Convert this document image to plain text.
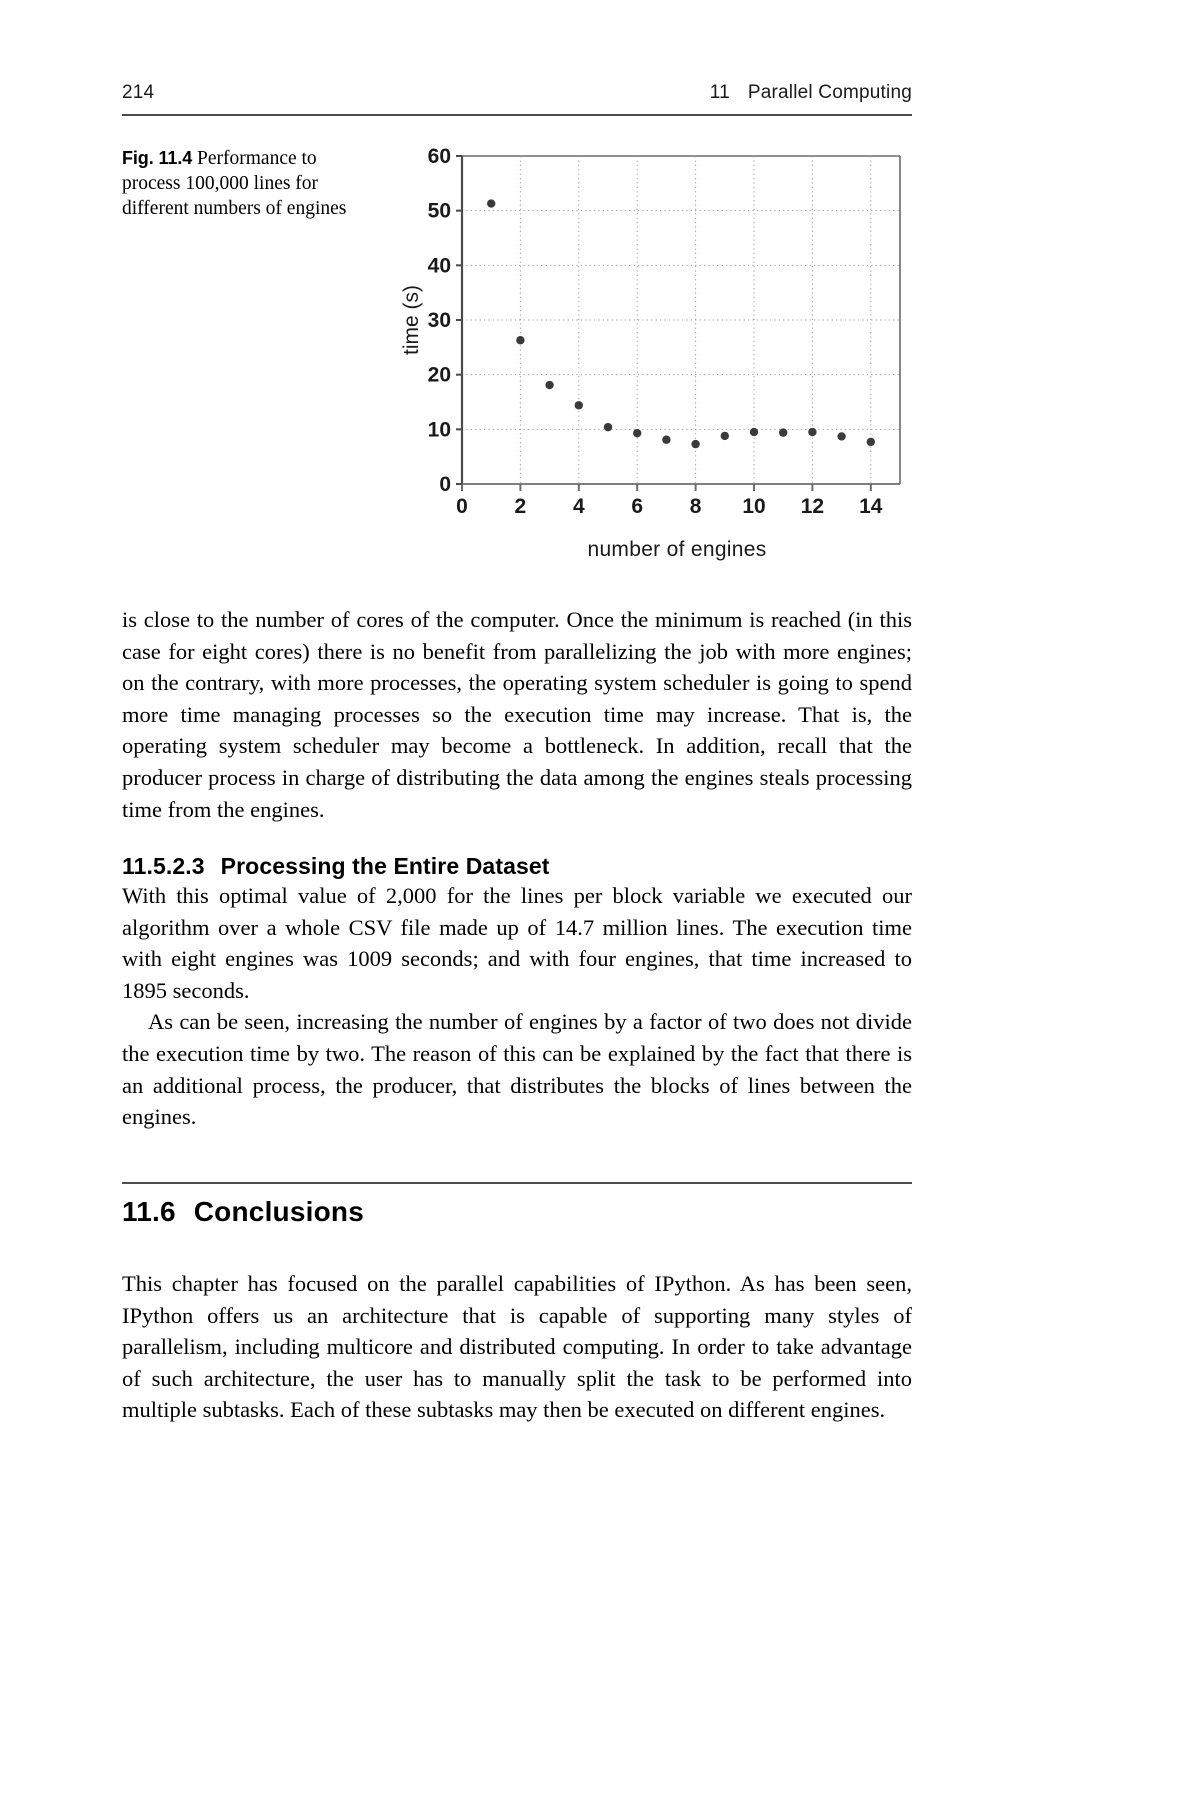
214	11 Parallel Computing
Fig. 11.4 Performance to process 100,000 lines for different numbers of engines
0
10
20
30
40
50
60
0 2 4 6 8 10 12 14
time (s)
number of engines

is close to the number of cores of the computer. Once the minimum is reached (in this case for eight cores) there is no benefit from parallelizing the job with more engines; on the contrary, with more processes, the operating system scheduler is going to spend more time managing processes so the execution time may increase. That is, the operating system scheduler may become a bottleneck. In addition, recall that the producer process in charge of distributing the data among the engines steals processing time from the engines.

11.5.2.3 Processing the Entire Dataset

With this optimal value of 2,000 for the lines per block variable we executed our algorithm over a whole CSV file made up of 14.7 million lines. The execution time with eight engines was 1009 seconds; and with four engines, that time increased to 1895 seconds.

As can be seen, increasing the number of engines by a factor of two does not divide the execution time by two. The reason of this can be explained by the fact that there is an additional process, the producer, that distributes the blocks of lines between the engines.

11.6 Conclusions

This chapter has focused on the parallel capabilities of IPython. As has been seen, IPython offers us an architecture that is capable of supporting many styles of parallelism, including multicore and distributed computing. In order to take advantage of such architecture, the user has to manually split the task to be performed into multiple subtasks. Each of these subtasks may then be executed on different engines.
